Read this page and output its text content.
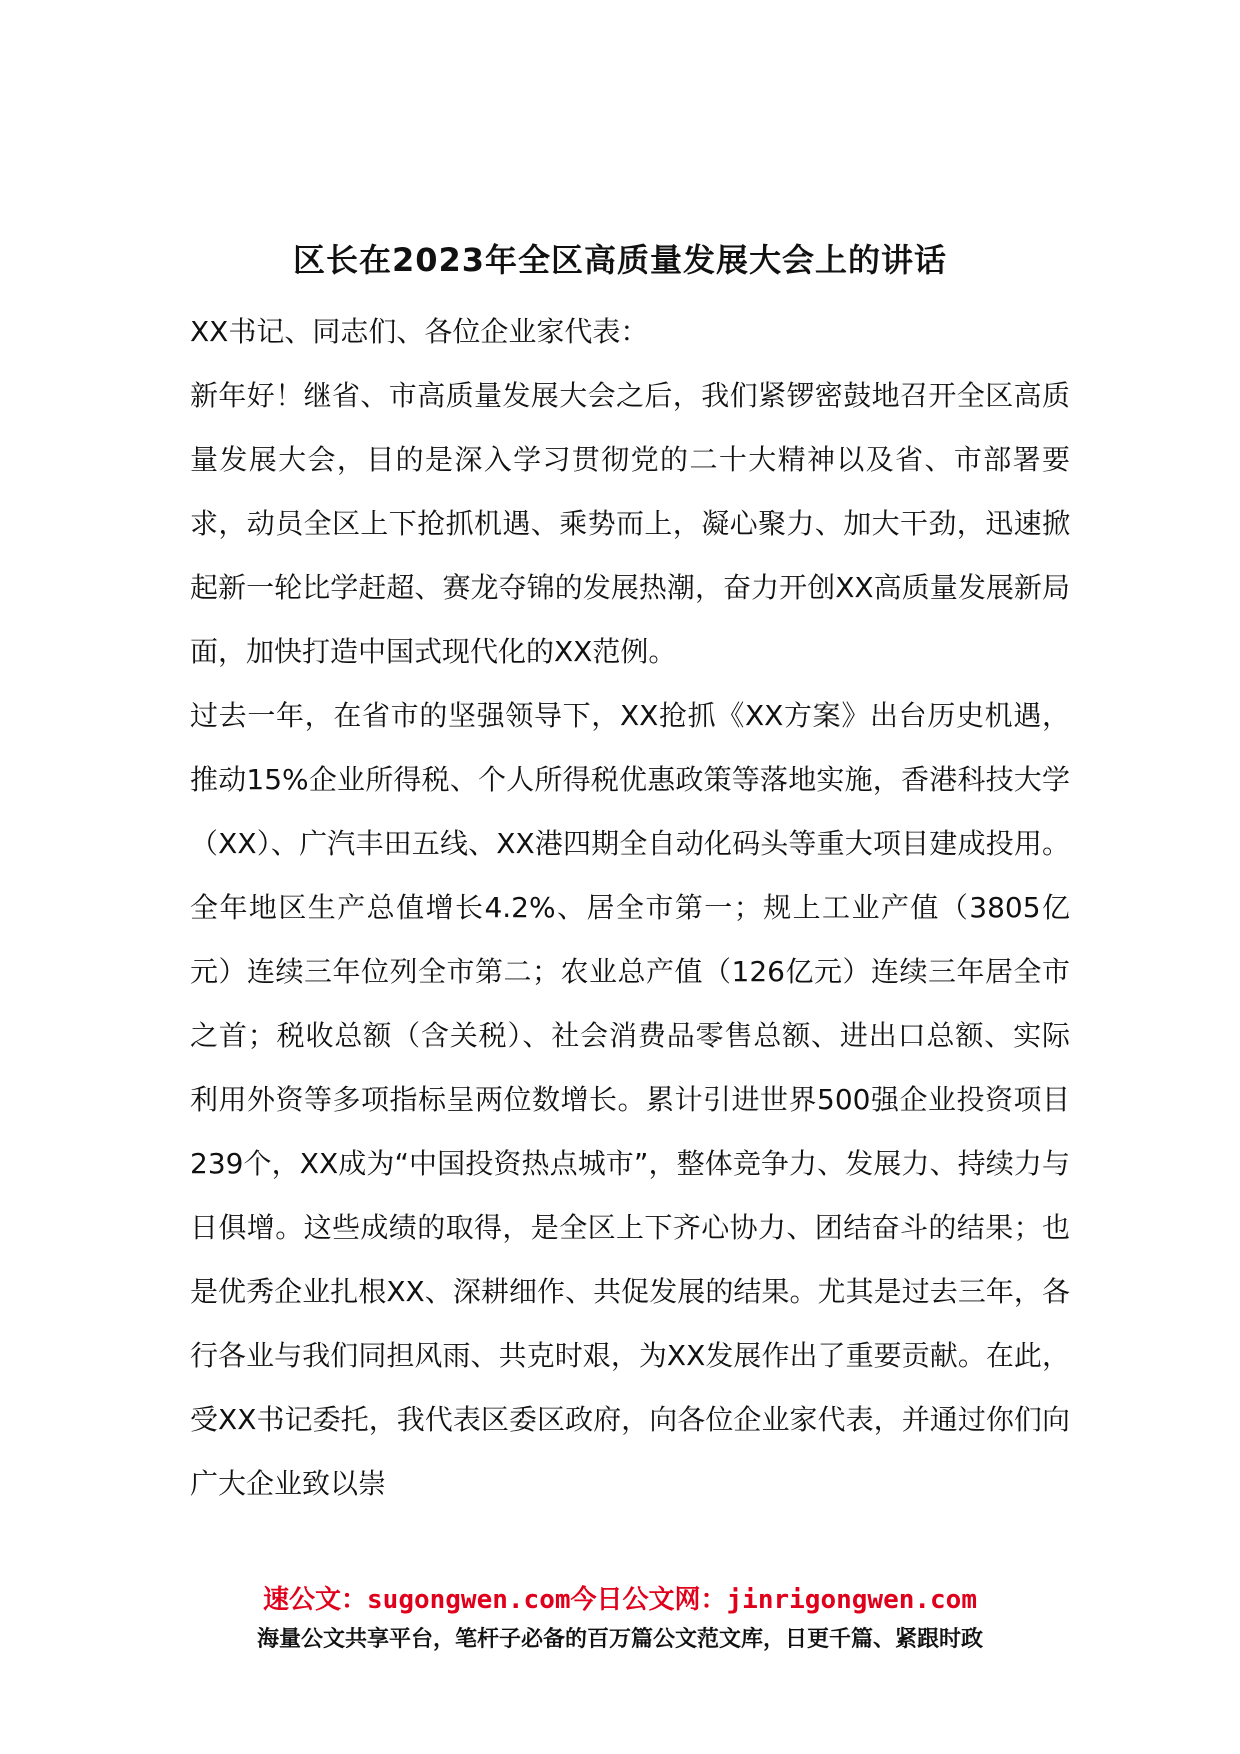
区长在2023年全区高质量发展大会上的讲话

XX书记、同志们、各位企业家代表：

新年好！继省、市高质量发展大会之后，我们紧锣密鼓地召开全区高质量发展大会，目的是深入学习贯彻党的二十大精神以及省、市部署要求，动员全区上下抢抓机遇、乘势而上，凝心聚力、加大干劲，迅速掀起新一轮比学赶超、赛龙夺锦的发展热潮，奋力开创XX高质量发展新局面，加快打造中国式现代化的XX范例。

过去一年，在省市的坚强领导下，XX抢抓《XX方案》出台历史机遇，推动15%企业所得税、个人所得税优惠政策等落地实施，香港科技大学（XX）、广汽丰田五线、XX港四期全自动化码头等重大项目建成投用。全年地区生产总值增长4.2%、居全市第一；规上工业产值（3805亿元）连续三年位列全市第二；农业总产值（126亿元）连续三年居全市之首；税收总额（含关税）、社会消费品零售总额、进出口总额、实际利用外资等多项指标呈两位数增长。累计引进世界500强企业投资项目239个，XX成为“中国投资热点城市”，整体竞争力、发展力、持续力与日俱增。这些成绩的取得，是全区上下齐心协力、团结奋斗的结果；也是优秀企业扎根XX、深耕细作、共促发展的结果。尤其是过去三年，各行各业与我们同担风雨、共克时艰，为XX发展作出了重要贡献。在此，受XX书记委托，我代表区委区政府，向各位企业家代表，并通过你们向广大企业致以崇

速公文：sugongwen.com今日公文网：jinrigongwen.com
海量公文共享平台，笔杆子必备的百万篇公文范文库，日更千篇、紧跟时政
